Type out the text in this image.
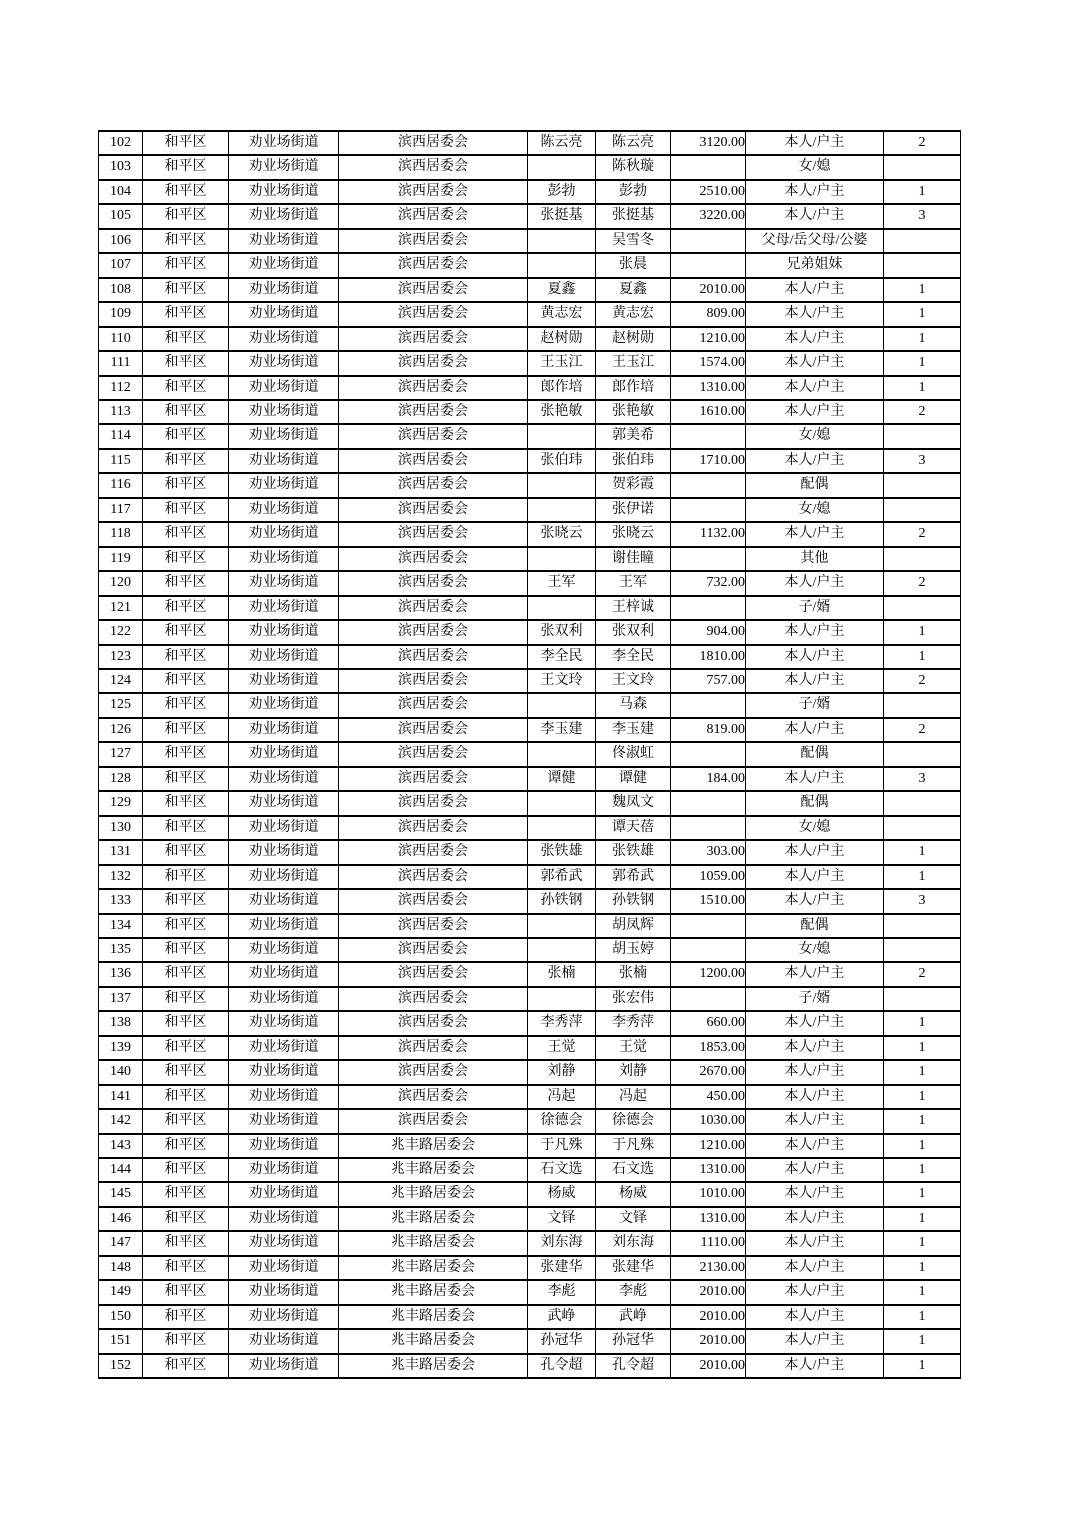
102	和平区	劝业场街道	滨西居委会	陈云亮	陈云亮	3120.00	本人/户主	2
103	和平区	劝业场街道	滨西居委会		陈秋璇		女/媳	
104	和平区	劝业场街道	滨西居委会	彭勃	彭勃	2510.00	本人/户主	1
105	和平区	劝业场街道	滨西居委会	张挺基	张挺基	3220.00	本人/户主	3
106	和平区	劝业场街道	滨西居委会		吴雪冬		父母/岳父母/公婆	
107	和平区	劝业场街道	滨西居委会		张晨		兄弟姐妹	
108	和平区	劝业场街道	滨西居委会	夏鑫	夏鑫	2010.00	本人/户主	1
109	和平区	劝业场街道	滨西居委会	黄志宏	黄志宏	809.00	本人/户主	1
110	和平区	劝业场街道	滨西居委会	赵树勋	赵树勋	1210.00	本人/户主	1
111	和平区	劝业场街道	滨西居委会	王玉江	王玉江	1574.00	本人/户主	1
112	和平区	劝业场街道	滨西居委会	郎作培	郎作培	1310.00	本人/户主	1
113	和平区	劝业场街道	滨西居委会	张艳敏	张艳敏	1610.00	本人/户主	2
114	和平区	劝业场街道	滨西居委会		郭美希		女/媳	
115	和平区	劝业场街道	滨西居委会	张伯玮	张伯玮	1710.00	本人/户主	3
116	和平区	劝业场街道	滨西居委会		贺彩霞		配偶	
117	和平区	劝业场街道	滨西居委会		张伊诺		女/媳	
118	和平区	劝业场街道	滨西居委会	张晓云	张晓云	1132.00	本人/户主	2
119	和平区	劝业场街道	滨西居委会		谢佳瞳		其他	
120	和平区	劝业场街道	滨西居委会	王军	王军	732.00	本人/户主	2
121	和平区	劝业场街道	滨西居委会		王梓诚		子/婿	
122	和平区	劝业场街道	滨西居委会	张双利	张双利	904.00	本人/户主	1
123	和平区	劝业场街道	滨西居委会	李全民	李全民	1810.00	本人/户主	1
124	和平区	劝业场街道	滨西居委会	王文玲	王文玲	757.00	本人/户主	2
125	和平区	劝业场街道	滨西居委会		马森		子/婿	
126	和平区	劝业场街道	滨西居委会	李玉建	李玉建	819.00	本人/户主	2
127	和平区	劝业场街道	滨西居委会		佟淑虹		配偶	
128	和平区	劝业场街道	滨西居委会	谭健	谭健	184.00	本人/户主	3
129	和平区	劝业场街道	滨西居委会		魏凤文		配偶	
130	和平区	劝业场街道	滨西居委会		谭天蓓		女/媳	
131	和平区	劝业场街道	滨西居委会	张铁雄	张铁雄	303.00	本人/户主	1
132	和平区	劝业场街道	滨西居委会	郭希武	郭希武	1059.00	本人/户主	1
133	和平区	劝业场街道	滨西居委会	孙铁钢	孙铁钢	1510.00	本人/户主	3
134	和平区	劝业场街道	滨西居委会		胡凤辉		配偶	
135	和平区	劝业场街道	滨西居委会		胡玉婷		女/媳	
136	和平区	劝业场街道	滨西居委会	张楠	张楠	1200.00	本人/户主	2
137	和平区	劝业场街道	滨西居委会		张宏伟		子/婿	
138	和平区	劝业场街道	滨西居委会	李秀萍	李秀萍	660.00	本人/户主	1
139	和平区	劝业场街道	滨西居委会	王觉	王觉	1853.00	本人/户主	1
140	和平区	劝业场街道	滨西居委会	刘静	刘静	2670.00	本人/户主	1
141	和平区	劝业场街道	滨西居委会	冯起	冯起	450.00	本人/户主	1
142	和平区	劝业场街道	滨西居委会	徐德会	徐德会	1030.00	本人/户主	1
143	和平区	劝业场街道	兆丰路居委会	于凡殊	于凡殊	1210.00	本人/户主	1
144	和平区	劝业场街道	兆丰路居委会	石文选	石文选	1310.00	本人/户主	1
145	和平区	劝业场街道	兆丰路居委会	杨威	杨威	1010.00	本人/户主	1
146	和平区	劝业场街道	兆丰路居委会	文铎	文铎	1310.00	本人/户主	1
147	和平区	劝业场街道	兆丰路居委会	刘东海	刘东海	1110.00	本人/户主	1
148	和平区	劝业场街道	兆丰路居委会	张建华	张建华	2130.00	本人/户主	1
149	和平区	劝业场街道	兆丰路居委会	李彪	李彪	2010.00	本人/户主	1
150	和平区	劝业场街道	兆丰路居委会	武峥	武峥	2010.00	本人/户主	1
151	和平区	劝业场街道	兆丰路居委会	孙冠华	孙冠华	2010.00	本人/户主	1
152	和平区	劝业场街道	兆丰路居委会	孔令超	孔令超	2010.00	本人/户主	1
